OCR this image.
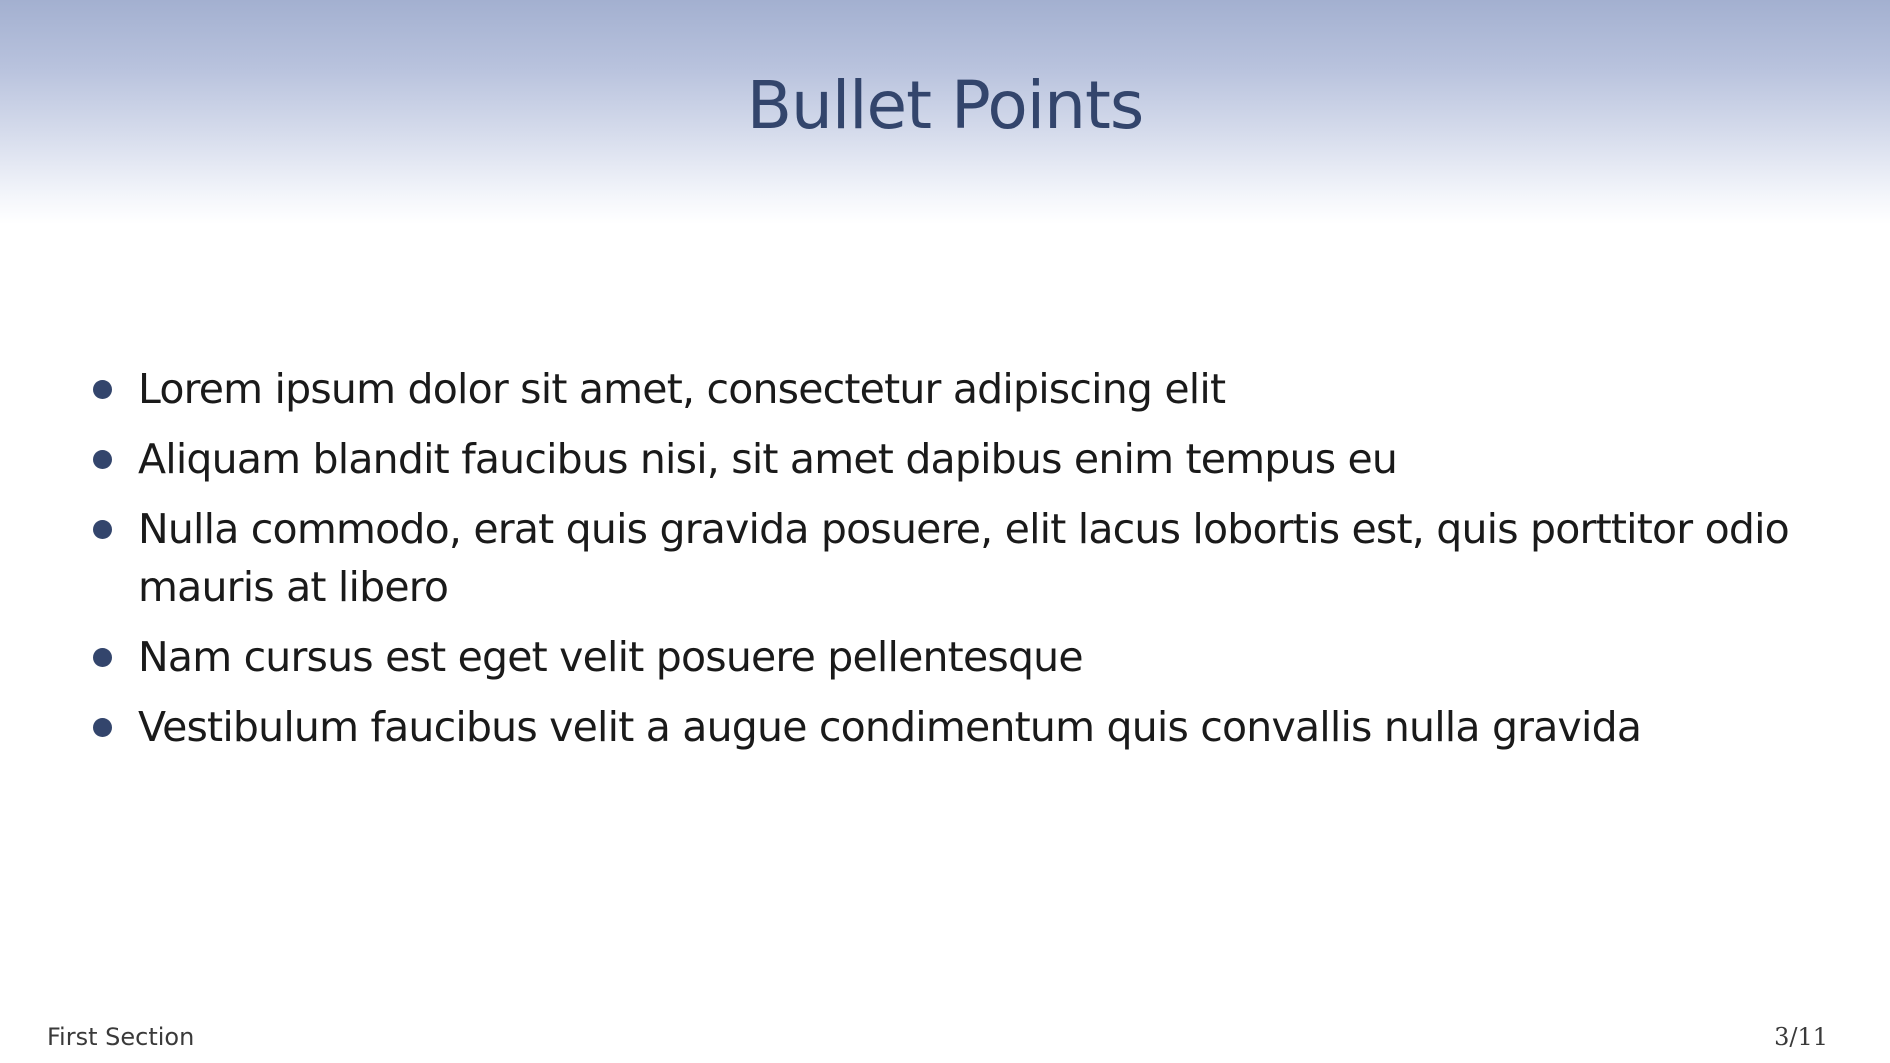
Bullet Points
Lorem ipsum dolor sit amet, consectetur adipiscing elit
Aliquam blandit faucibus nisi, sit amet dapibus enim tempus eu
Nulla commodo, erat quis gravida posuere, elit lacus lobortis est, quis porttitor odio mauris at libero
Nam cursus est eget velit posuere pellentesque
Vestibulum faucibus velit a augue condimentum quis convallis nulla gravida
First Section	3/11
